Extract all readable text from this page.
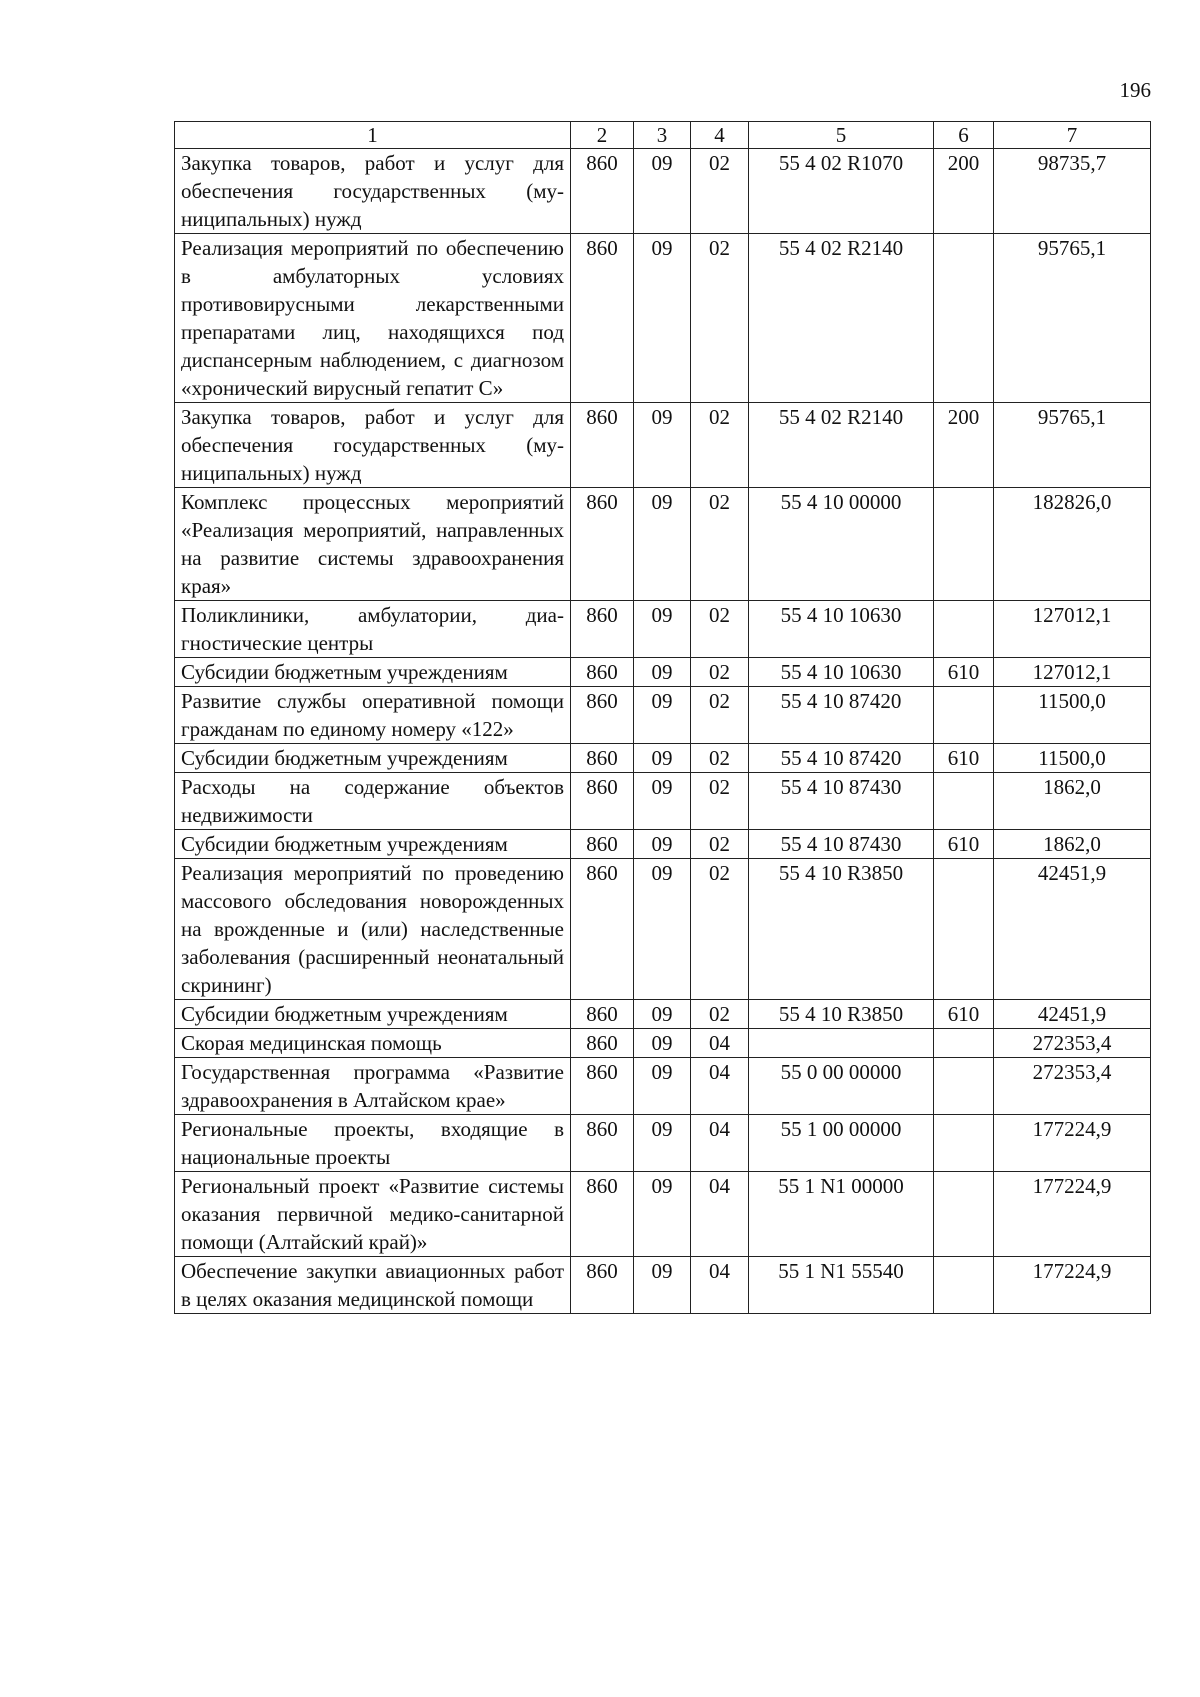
196
1	2	3	4	5	6	7
Закупка товаров, работ и услуг для обеспечения государственных (муниципальных) нужд	860	09	02	55 4 02 R1070	200	98735,7
Реализация мероприятий по обеспечению в амбулаторных условиях противовирусными лекарственными препаратами лиц, находящихся под диспансерным наблюдением, с диагнозом «хронический вирусный гепатит С»	860	09	02	55 4 02 R2140		95765,1
Закупка товаров, работ и услуг для обеспечения государственных (муниципальных) нужд	860	09	02	55 4 02 R2140	200	95765,1
Комплекс процессных мероприятий «Реализация мероприятий, направленных на развитие системы здравоохранения края»	860	09	02	55 4 10 00000		182826,0
Поликлиники, амбулатории, диагностические центры	860	09	02	55 4 10 10630		127012,1
Субсидии бюджетным учреждениям	860	09	02	55 4 10 10630	610	127012,1
Развитие службы оперативной помощи гражданам по единому номеру «122»	860	09	02	55 4 10 87420		11500,0
Субсидии бюджетным учреждениям	860	09	02	55 4 10 87420	610	11500,0
Расходы на содержание объектов недвижимости	860	09	02	55 4 10 87430		1862,0
Субсидии бюджетным учреждениям	860	09	02	55 4 10 87430	610	1862,0
Реализация мероприятий по проведению массового обследования новорожденных на врожденные и (или) наследственные заболевания (расширенный неонатальный скрининг)	860	09	02	55 4 10 R3850		42451,9
Субсидии бюджетным учреждениям	860	09	02	55 4 10 R3850	610	42451,9
Скорая медицинская помощь	860	09	04			272353,4
Государственная программа «Развитие здравоохранения в Алтайском крае»	860	09	04	55 0 00 00000		272353,4
Региональные проекты, входящие в национальные проекты	860	09	04	55 1 00 00000		177224,9
Региональный проект «Развитие системы оказания первичной медико-санитарной помощи (Алтайский край)»	860	09	04	55 1 N1 00000		177224,9
Обеспечение закупки авиационных работ в целях оказания медицинской помощи	860	09	04	55 1 N1 55540		177224,9
